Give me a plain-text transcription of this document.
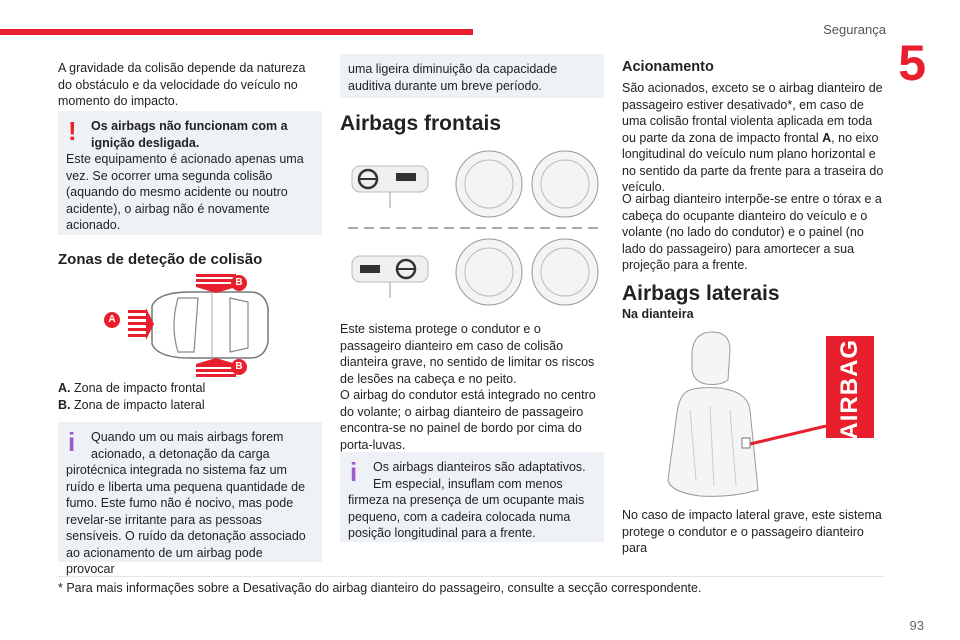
Segurança
5

A gravidade da colisão depende da natureza do obstáculo e da velocidade do veículo no momento do impacto.

!	Os airbags não funcionam com a ignição desligada.

Este equipamento é acionado apenas uma vez. Se ocorrer uma segunda colisão (aquando do mesmo acidente ou noutro acidente), o airbag não é novamente acionado.

Zonas de deteção de colisão
A
B
B
A. Zona de impacto frontal
B. Zona de impacto lateral
i	Quando um ou mais airbags forem acionado, a detonação da carga

pirotécnica integrada no sistema faz um ruído e liberta uma pequena quantidade de fumo. Este fumo não é nocivo, mas pode revelar-se irritante para as pessoas sensíveis. O ruído da detonação associado ao acionamento de um airbag pode provocar

uma ligeira diminuição da capacidade auditiva durante um breve período.

Airbags frontais

Este sistema protege o condutor e o passageiro dianteiro em caso de colisão dianteira grave, no sentido de limitar os riscos de lesões na cabeça e no peito.

O airbag do condutor está integrado no centro do volante; o airbag dianteiro de passageiro encontra-se no painel de bordo por cima do porta-luvas.

i	Os airbags dianteiros são adaptativos. Em especial, insuflam com menos

firmeza na presença de um ocupante mais pequeno, com a cadeira colocada numa posição longitudinal para a frente.

Acionamento

São acionados, exceto se o airbag dianteiro de passageiro estiver desativado*, em caso de uma colisão frontal violenta aplicada em toda ou parte da zona de impacto frontal A, no eixo longitudinal do veículo num plano horizontal e no sentido da parte da frente para a traseira do veículo.

O airbag dianteiro interpõe-se entre o tórax e a cabeça do ocupante dianteiro do veículo e o volante (no lado do condutor) e o painel (no lado do passageiro) para amortecer a sua projeção para a frente.

Airbags laterais
Na dianteira
AIRBAG

No caso de impacto lateral grave, este sistema protege o condutor e o passageiro dianteiro para

* Para mais informações sobre a Desativação do airbag dianteiro do passageiro, consulte a secção correspondente.
93
